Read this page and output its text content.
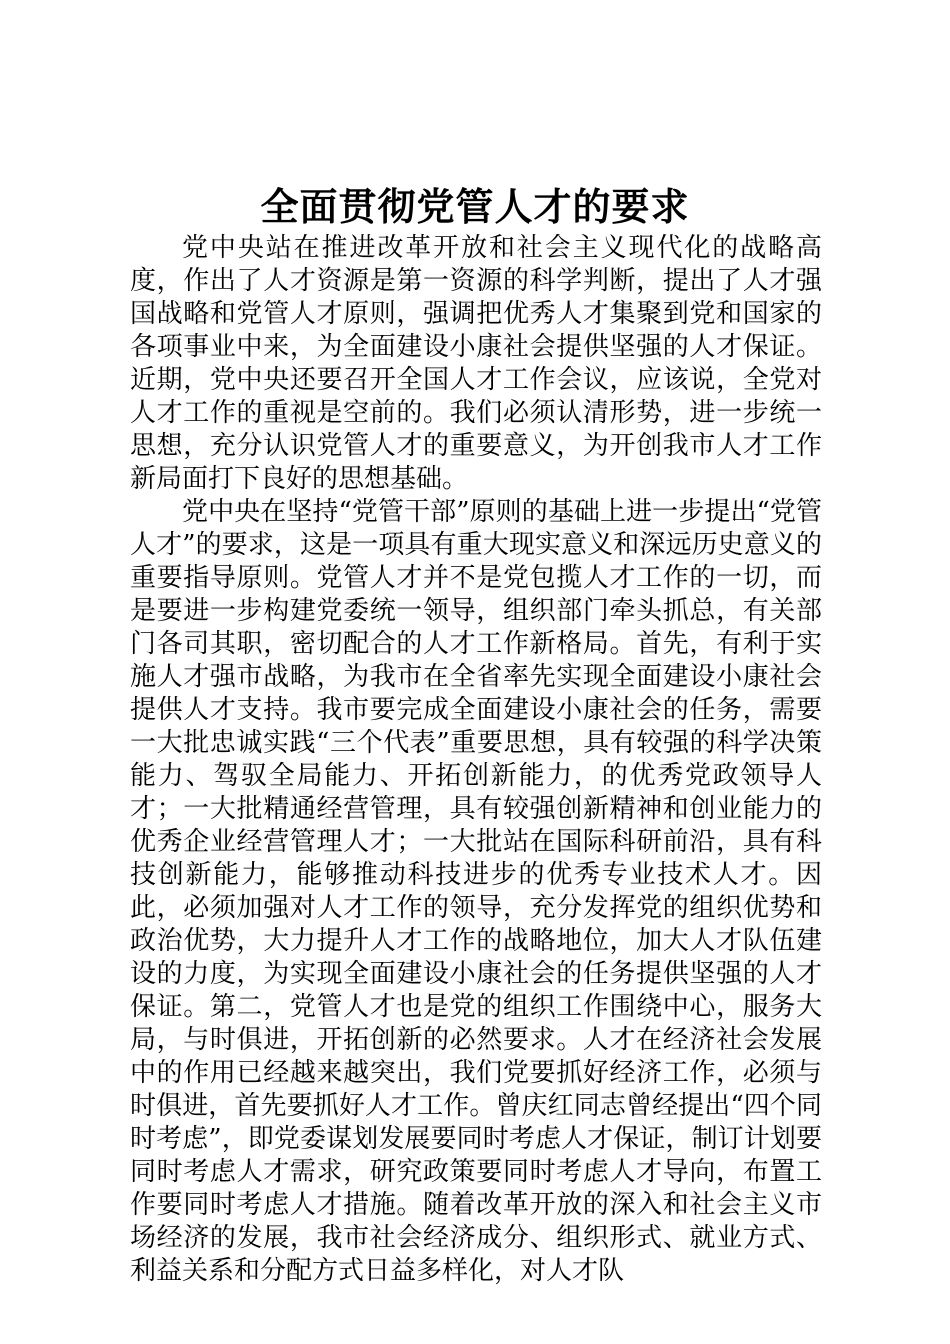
全面贯彻党管人才的要求

党中央站在推进改革开放和社会主义现代化的战略高度，作出了人才资源是第一资源的科学判断，提出了人才强国战略和党管人才原则，强调把优秀人才集聚到党和国家的各项事业中来，为全面建设小康社会提供坚强的人才保证。近期，党中央还要召开全国人才工作会议，应该说，全党对人才工作的重视是空前的。我们必须认清形势，进一步统一思想，充分认识党管人才的重要意义，为开创我市人才工作新局面打下良好的思想基础。

党中央在坚持“党管干部”原则的基础上进一步提出“党管人才”的要求，这是一项具有重大现实意义和深远历史意义的重要指导原则。党管人才并不是党包揽人才工作的一切，而是要进一步构建党委统一领导，组织部门牵头抓总，有关部门各司其职，密切配合的人才工作新格局。首先，有利于实施人才强市战略，为我市在全省率先实现全面建设小康社会提供人才支持。我市要完成全面建设小康社会的任务，需要一大批忠诚实践“三个代表”重要思想，具有较强的科学决策能力、驾驭全局能力、开拓创新能力，的优秀党政领导人才；一大批精通经营管理，具有较强创新精神和创业能力的优秀企业经营管理人才；一大批站在国际科研前沿，具有科技创新能力，能够推动科技进步的优秀专业技术人才。因此，必须加强对人才工作的领导，充分发挥党的组织优势和政治优势，大力提升人才工作的战略地位，加大人才队伍建设的力度，为实现全面建设小康社会的任务提供坚强的人才保证。第二，党管人才也是党的组织工作围绕中心，服务大局，与时俱进，开拓创新的必然要求。人才在经济社会发展中的作用已经越来越突出，我们党要抓好经济工作，必须与时俱进，首先要抓好人才工作。曾庆红同志曾经提出“四个同时考虑”，即党委谋划发展要同时考虑人才保证，制订计划要同时考虑人才需求，研究政策要同时考虑人才导向，布置工作要同时考虑人才措施。随着改革开放的深入和社会主义市场经济的发展，我市社会经济成分、组织形式、就业方式、利益关系和分配方式日益多样化，对人才队
